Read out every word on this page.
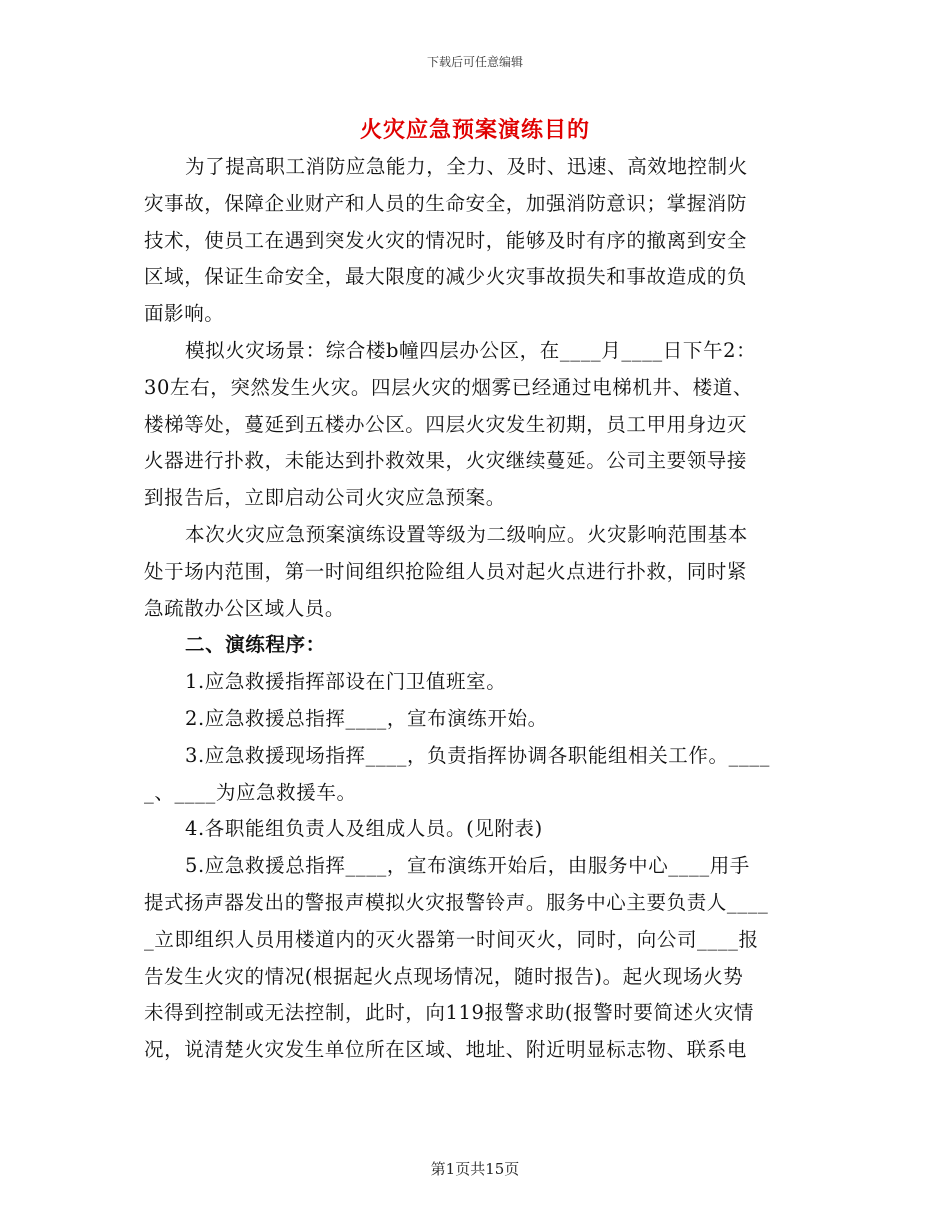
下载后可任意编辑
火灾应急预案演练目的
为了提高职工消防应急能力，全力、及时、迅速、高效地控制火
灾事故，保障企业财产和人员的生命安全，加强消防意识；掌握消防
技术，使员工在遇到突发火灾的情况时，能够及时有序的撤离到安全
区域，保证生命安全，最大限度的减少火灾事故损失和事故造成的负
面影响。
模拟火灾场景：综合楼b幢四层办公区，在____月____日下午2：
30左右，突然发生火灾。四层火灾的烟雾已经通过电梯机井、楼道、
楼梯等处，蔓延到五楼办公区。四层火灾发生初期，员工甲用身边灭
火器进行扑救，未能达到扑救效果，火灾继续蔓延。公司主要领导接
到报告后，立即启动公司火灾应急预案。
本次火灾应急预案演练设置等级为二级响应。火灾影响范围基本
处于场内范围，第一时间组织抢险组人员对起火点进行扑救，同时紧
急疏散办公区域人员。
二、演练程序：
1.应急救援指挥部设在门卫值班室。
2.应急救援总指挥____，宣布演练开始。
3.应急救援现场指挥____，负责指挥协调各职能组相关工作。____
_、____为应急救援车。
4.各职能组负责人及组成人员。(见附表)
5.应急救援总指挥____，宣布演练开始后，由服务中心____用手
提式扬声器发出的警报声模拟火灾报警铃声。服务中心主要负责人____
_立即组织人员用楼道内的灭火器第一时间灭火，同时，向公司____报
告发生火灾的情况(根据起火点现场情况，随时报告)。起火现场火势
未得到控制或无法控制，此时，向119报警求助(报警时要简述火灾情
况，说清楚火灾发生单位所在区域、地址、附近明显标志物、联系电
第1页共15页
